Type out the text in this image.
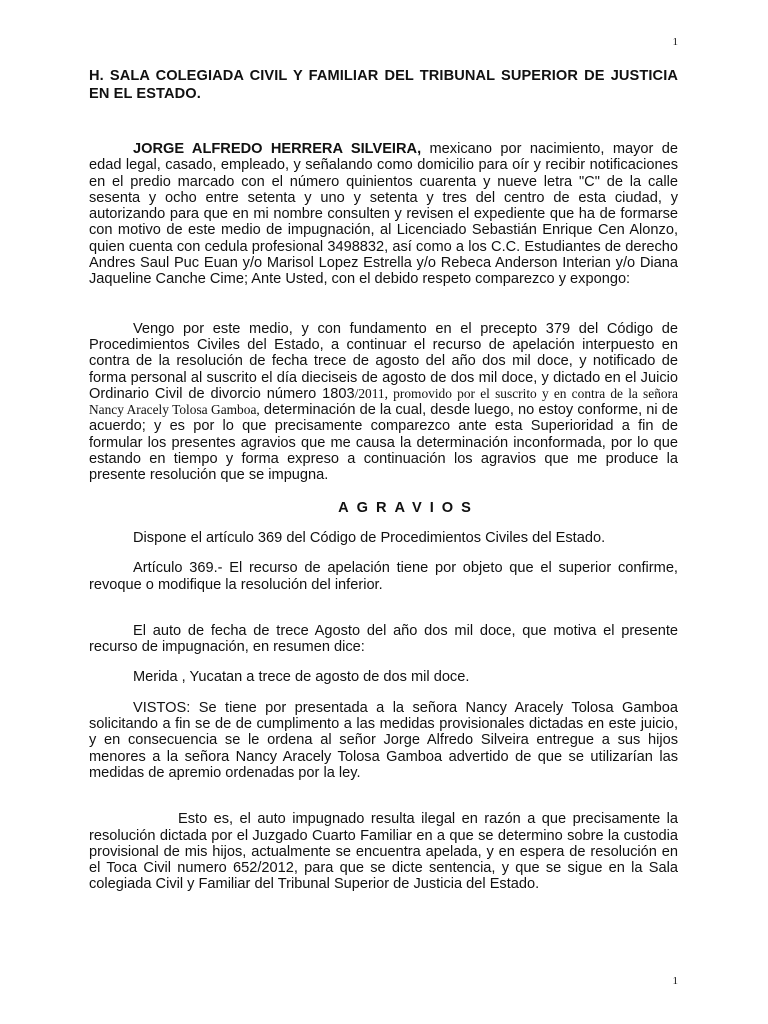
1

H. SALA COLEGIADA CIVIL Y FAMILIAR DEL TRIBUNAL SUPERIOR DE JUSTICIA EN EL ESTADO.

JORGE ALFREDO HERRERA SILVEIRA, mexicano por nacimiento, mayor de edad legal, casado, empleado, y señalando como domicilio para oír y recibir notificaciones en el predio marcado con el número quinientos cuarenta y nueve letra "C" de la calle sesenta y ocho entre setenta y uno y setenta y tres del centro de esta ciudad, y autorizando para que en mi nombre consulten y revisen el expediente que ha de formarse con motivo de este medio de impugnación, al Licenciado Sebastián Enrique Cen Alonzo, quien cuenta con cedula profesional 3498832, así como a los C.C. Estudiantes de derecho Andres Saul Puc Euan y/o Marisol Lopez Estrella y/o Rebeca Anderson Interian y/o Diana Jaqueline Canche Cime; Ante Usted, con el debido respeto comparezco y expongo:

Vengo por este medio, y con fundamento en el precepto 379 del Código de Procedimientos Civiles del Estado, a continuar el recurso de apelación interpuesto en contra de la resolución de fecha trece de agosto del año dos mil doce, y notificado de forma personal al suscrito el día dieciseis de agosto de dos mil doce, y dictado en el Juicio Ordinario Civil de divorcio número 1803/2011, promovido por el suscrito y en contra de la señora Nancy Aracely Tolosa Gamboa, determinación de la cual, desde luego, no estoy conforme, ni de acuerdo; y es por lo que precisamente comparezco ante esta Superioridad a fin de formular los presentes agravios que me causa la determinación inconformada, por lo que estando en tiempo y forma expreso a continuación los agravios que me produce la presente resolución que se impugna.

AGRAVIOS

Dispone el artículo 369 del Código de Procedimientos Civiles del Estado.

Artículo 369.- El recurso de apelación tiene por objeto que el superior confirme, revoque o modifique la resolución del inferior.

El auto de fecha de trece Agosto del año dos mil doce, que motiva el presente recurso de impugnación, en resumen dice:

Merida , Yucatan a trece de agosto de dos mil doce.

VISTOS: Se tiene por presentada a la señora Nancy Aracely Tolosa Gamboa solicitando a fin se de de cumplimento a las medidas provisionales dictadas en este juicio, y en consecuencia se le ordena al señor Jorge Alfredo Silveira entregue a sus hijos menores a la señora Nancy Aracely Tolosa Gamboa advertido de que se utilizarían las medidas de apremio ordenadas por la ley.

Esto es, el auto impugnado resulta ilegal en razón a que precisamente la resolución dictada por el Juzgado Cuarto Familiar en a que se determino sobre la custodia provisional de mis hijos, actualmente se encuentra apelada, y en espera de resolución en el Toca Civil numero 652/2012, para que se dicte sentencia, y que se sigue en la Sala colegiada Civil y Familiar del Tribunal Superior de Justicia del Estado.

1
